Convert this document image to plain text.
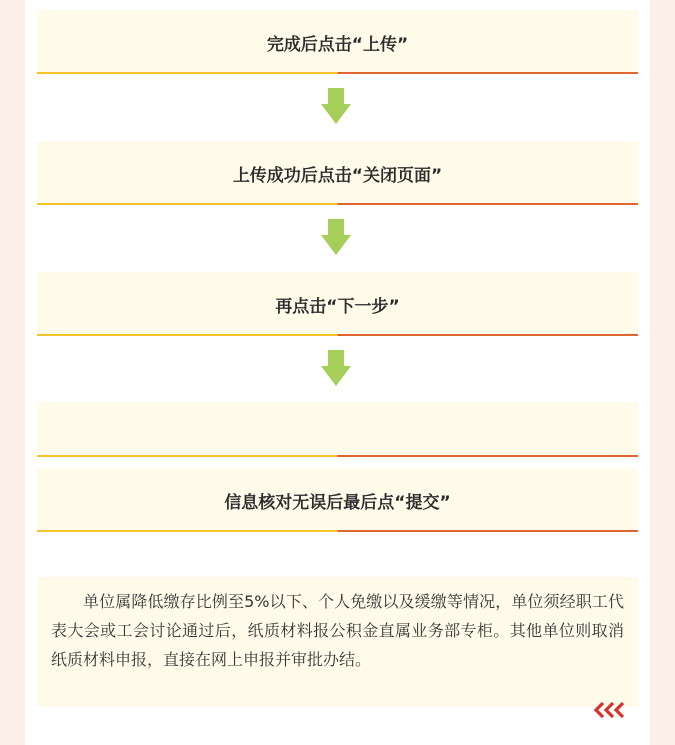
完成后点击“上传”
上传成功后点击“关闭页面”
再点击“下一步”
信息核对无误后最后点“提交”
单位属降低缴存比例至5%以下、个人免缴以及缓缴等情况，单位须经职工代表大会或工会讨论通过后，纸质材料报公积金直属业务部专柜。其他单位则取消纸质材料申报，直接在网上申报并审批办结。
